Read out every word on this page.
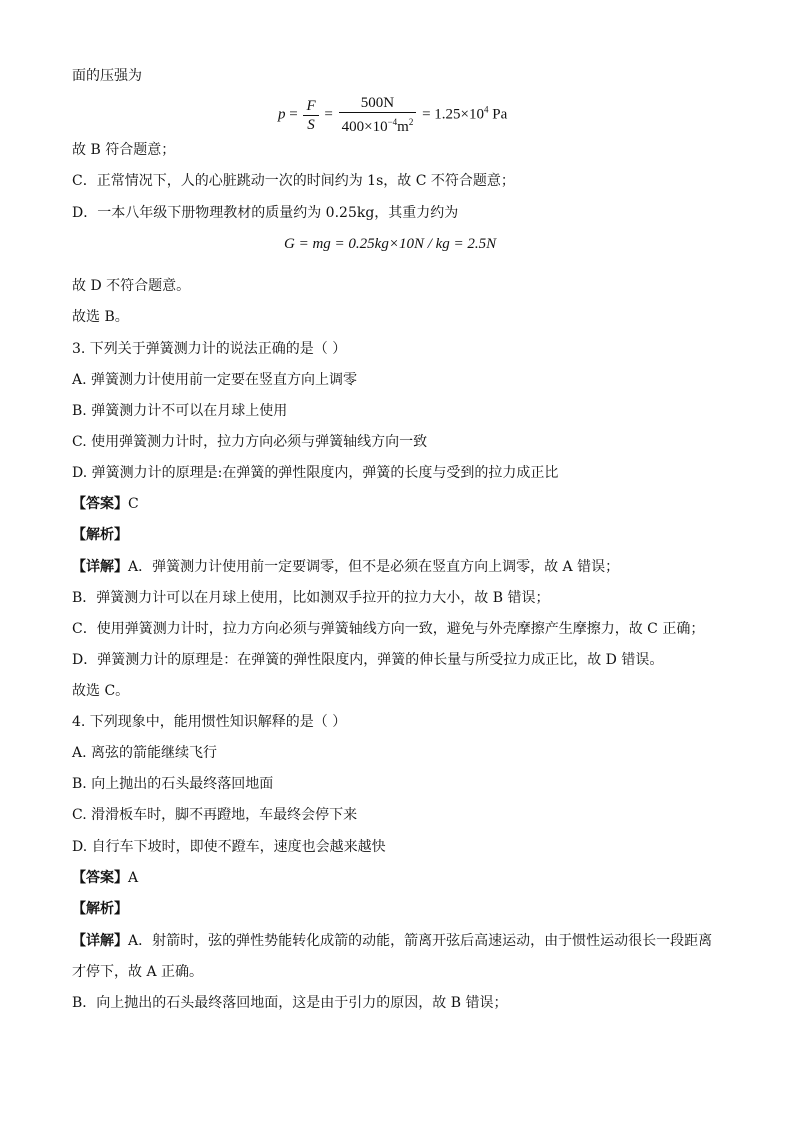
面的压强为
$p = \frac{F}{S} = \frac{500N}{400\times 10^{-4}m^2} = 1.25\times 10^4$ Pa
故 B 符合题意；
C．正常情况下，人的心脏跳动一次的时间约为 1s，故 C 不符合题意；
D．一本八年级下册物理教材的质量约为 0.25kg，其重力约为
G = mg = 0.25kg×10N / kg = 2.5N
故 D 不符合题意。
故选 B。
3. 下列关于弹簧测力计的说法正确的是（ ）
A. 弹簧测力计使用前一定要在竖直方向上调零
B. 弹簧测力计不可以在月球上使用
C. 使用弹簧测力计时，拉力方向必须与弹簧轴线方向一致
D. 弹簧测力计的原理是:在弹簧的弹性限度内，弹簧的长度与受到的拉力成正比
【答案】C
【解析】
【详解】A．弹簧测力计使用前一定要调零，但不是必须在竖直方向上调零，故 A 错误；
B．弹簧测力计可以在月球上使用，比如测双手拉开的拉力大小，故 B 错误；
C．使用弹簧测力计时，拉力方向必须与弹簧轴线方向一致，避免与外壳摩擦产生摩擦力，故 C 正确；
D．弹簧测力计的原理是：在弹簧的弹性限度内，弹簧的伸长量与所受拉力成正比，故 D 错误。
故选 C。
4. 下列现象中，能用惯性知识解释的是（ ）
A. 离弦的箭能继续飞行
B. 向上抛出的石头最终落回地面
C. 滑滑板车时，脚不再蹬地，车最终会停下来
D. 自行车下坡时，即使不蹬车，速度也会越来越快
【答案】A
【解析】
【详解】A．射箭时，弦的弹性势能转化成箭的动能，箭离开弦后高速运动，由于惯性运动很长一段距离
才停下，故 A 正确。
B．向上抛出的石头最终落回地面，这是由于引力的原因，故 B 错误；
